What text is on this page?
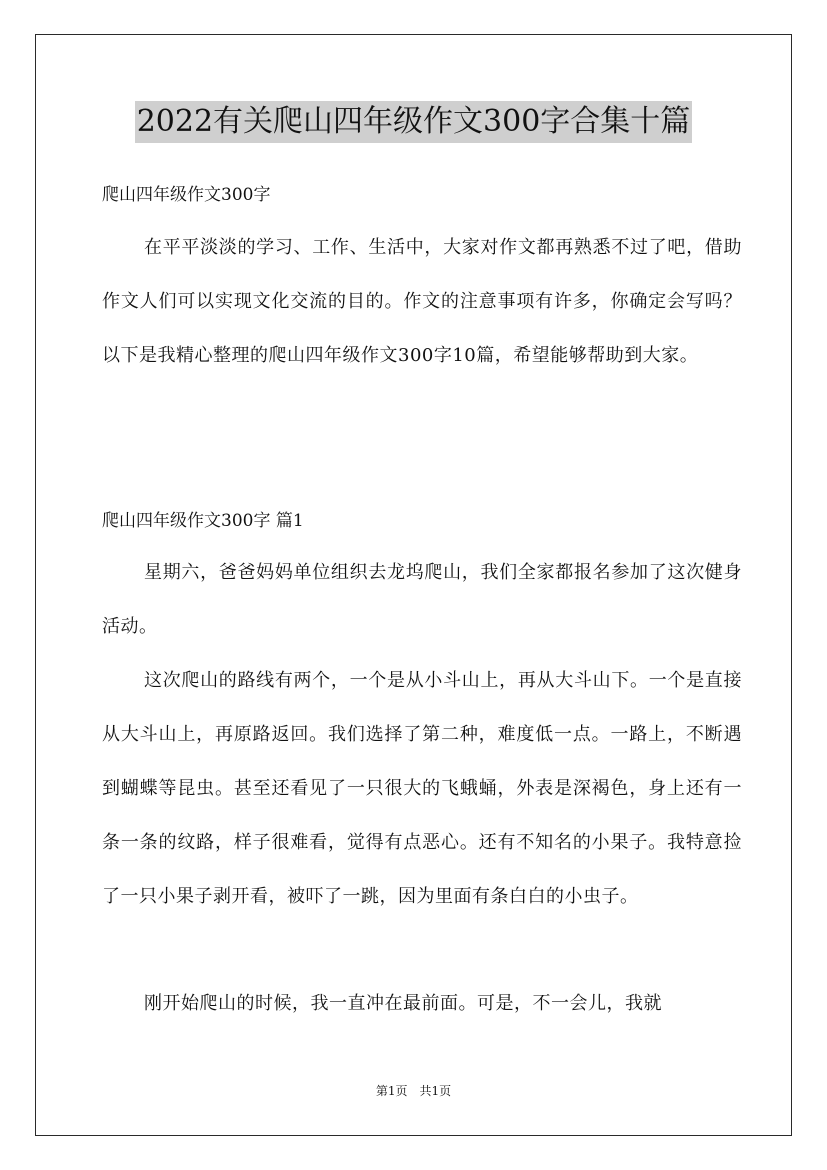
2022有关爬山四年级作文300字合集十篇

爬山四年级作文300字

在平平淡淡的学习、工作、生活中，大家对作文都再熟悉不过了吧，借助作文人们可以实现文化交流的目的。作文的注意事项有许多，你确定会写吗？以下是我精心整理的爬山四年级作文300字10篇，希望能够帮助到大家。

爬山四年级作文300字 篇1

星期六，爸爸妈妈单位组织去龙坞爬山，我们全家都报名参加了这次健身活动。

这次爬山的路线有两个，一个是从小斗山上，再从大斗山下。一个是直接从大斗山上，再原路返回。我们选择了第二种，难度低一点。一路上，不断遇到蝴蝶等昆虫。甚至还看见了一只很大的飞蛾蛹，外表是深褐色，身上还有一条一条的纹路，样子很难看，觉得有点恶心。还有不知名的小果子。我特意捡了一只小果子剥开看，被吓了一跳，因为里面有条白白的小虫子。

刚开始爬山的时候，我一直冲在最前面。可是，不一会儿，我就

第1页 共1页
